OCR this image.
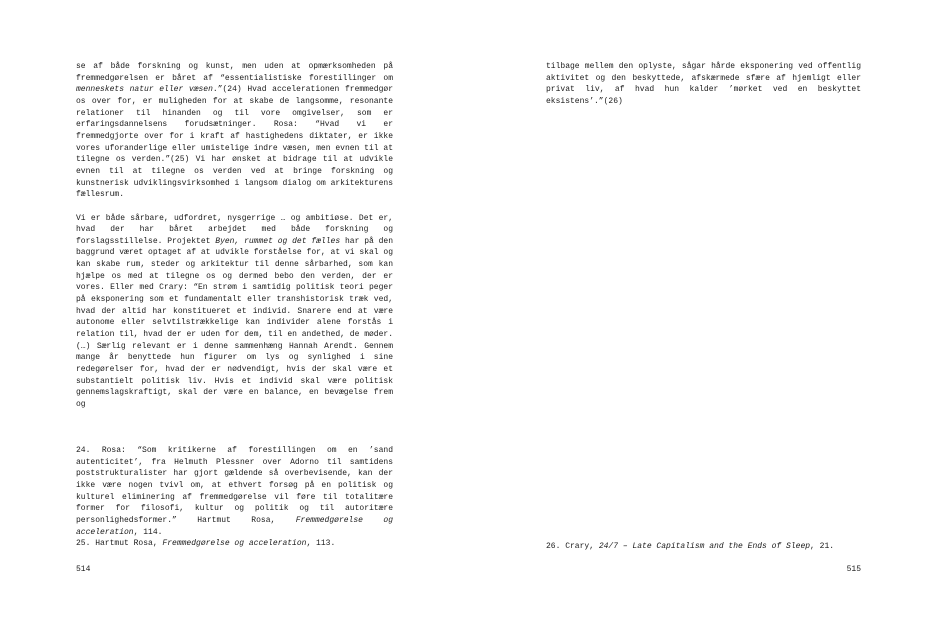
se af både forskning og kunst, men uden at opmærksomheden på fremmedgørelsen er båret af “essentialistiske forestillinger om menneskets natur eller væsen.”(24) Hvad accelerationen fremmedgør os over for, er muligheden for at skabe de langsomme, resonante relationer til hinanden og til vore omgivelser, som er erfaringsdannelsens forudsætninger. Rosa: “Hvad vi er fremmedgjorte over for i kraft af hastighedens diktater, er ikke vores uforanderlige eller umistelige indre væsen, men evnen til at tilegne os verden.”(25) Vi har ønsket at bidrage til at udvikle evnen til at tilegne os verden ved at bringe forskning og kunstnerisk udviklingsvirksomhed i langsom dialog om arkitekturens fællesrum.

Vi er både sårbare, udfordret, nysgerrige … og ambitiøse. Det er, hvad der har båret arbejdet med både forskning og forslagsstillelse. Projektet Byen, rummet og det fælles har på den baggrund været optaget af at udvikle forståelse for, at vi skal og kan skabe rum, steder og arkitektur til denne sårbarhed, som kan hjælpe os med at tilegne os og dermed bebo den verden, der er vores. Eller med Crary: “En strøm i samtidig politisk teori peger på eksponering som et fundamentalt eller transhistorisk træk ved, hvad der altid har konstitueret et individ. Snarere end at være autonome eller selvtilstrækkelige kan individer alene forstås i relation til, hvad der er uden for dem, til en andethed, de møder. (…) Særlig relevant er i denne sammenhæng Hannah Arendt. Gennem mange år benyttede hun figurer om lys og synlighed i sine redegørelser for, hvad der er nødvendigt, hvis der skal være et substantielt politisk liv. Hvis et individ skal være politisk gennemslagskraftigt, skal der være en balance, en bevægelse frem og

24. Rosa: “Som kritikerne af forestillingen om en ’sand autenticitet’, fra Helmuth Plessner over Adorno til samtidens poststrukturalister har gjort gældende så overbevisende, kan der ikke være nogen tvivl om, at ethvert forsøg på en politisk og kulturel eliminering af fremmedgørelse vil føre til totalitære former for filosofi, kultur og politik og til autoritære personlighedsformer.” Hartmut Rosa, Fremmedgørelse og acceleration, 114.

25. Hartmut Rosa, Fremmedgørelse og acceleration, 113.

514

tilbage mellem den oplyste, sågar hårde eksponering ved offentlig aktivitet og den beskyttede, afskærmede sfære af hjemligt eller privat liv, af hvad hun kalder ’mørket ved en beskyttet eksistens’.”(26)

26. Crary, 24/7 – Late Capitalism and the Ends of Sleep, 21.

515
